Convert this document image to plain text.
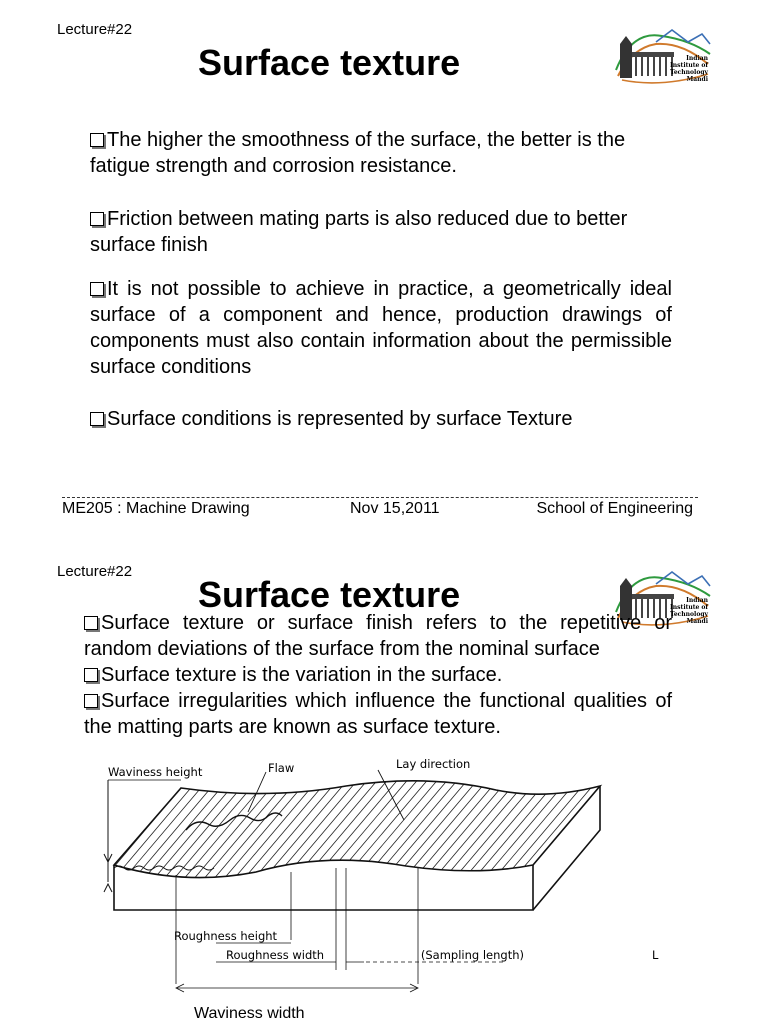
Lecture#22
Surface texture	Indian
Institute of
Technology
Mandi
The higher the smoothness of the surface, the better is the fatigue strength and corrosion resistance.
Friction between mating parts is also reduced due to better surface finish
It is not possible to achieve in practice, a geometrically ideal surface of a component and hence, production drawings of components must also contain information about the permissible surface conditions
Surface conditions is represented by surface Texture
ME205 : Machine Drawing	Nov 15,2011	School of Engineering
Lecture#22
Indian
Institute of
Technology
Mandi
Surface texture
Surface texture or surface finish refers to the repetitive or random deviations of the surface from the nominal surface
Surface texture is the variation in the surface.
Surface irregularities which influence the functional qualities of the matting parts are known as surface texture.
Waviness height	Flaw	Lay direction
Roughness height
Roughness width	(Sampling length)	L
Waviness width
